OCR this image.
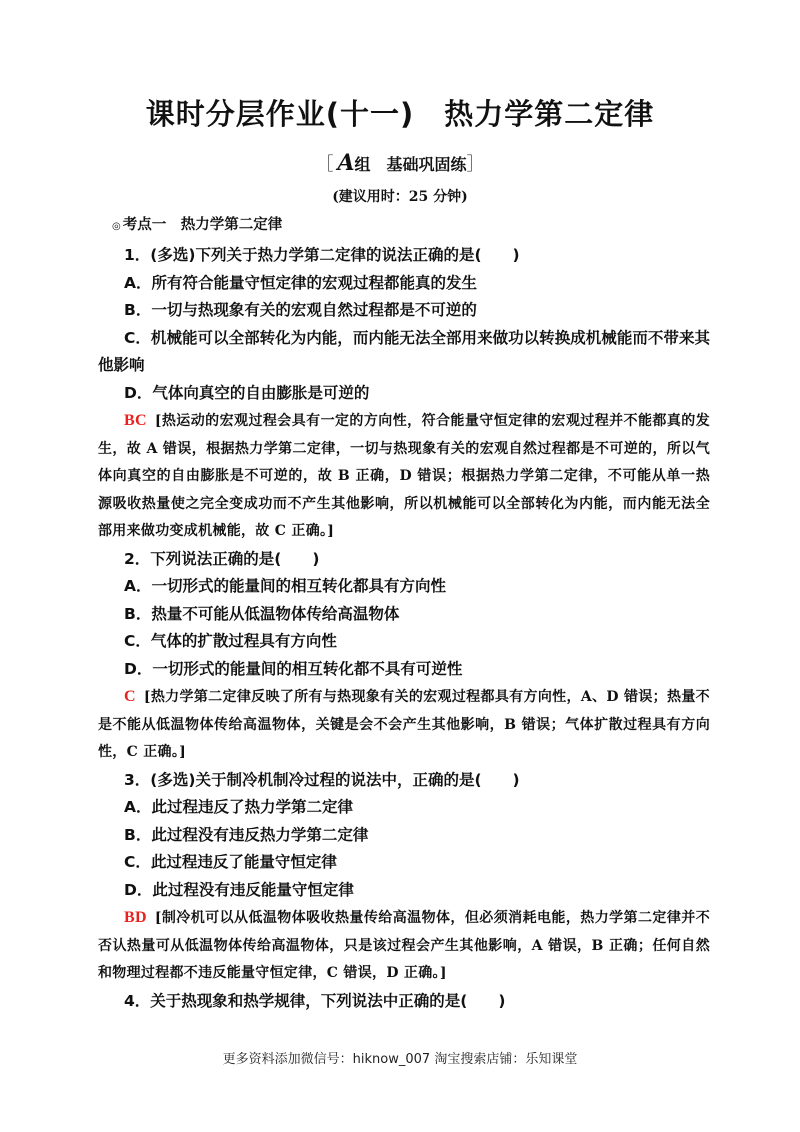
课时分层作业(十一)　热力学第二定律
［ A组　基础巩固练］
(建议用时：25 分钟)
◎ 考点一　热力学第二定律
1．(多选)下列关于热力学第二定律的说法正确的是(　　)
A．所有符合能量守恒定律的宏观过程都能真的发生
B．一切与热现象有关的宏观自然过程都是不可逆的
C．机械能可以全部转化为内能，而内能无法全部用来做功以转换成机械能而不带来其他影响
D．气体向真空的自由膨胀是可逆的
BC [热运动的宏观过程会具有一定的方向性，符合能量守恒定律的宏观过程并不能都真的发生，故 A 错误，根据热力学第二定律，一切与热现象有关的宏观自然过程都是不可逆的，所以气体向真空的自由膨胀是不可逆的，故 B 正确，D 错误；根据热力学第二定律，不可能从单一热源吸收热量使之完全变成功而不产生其他影响，所以机械能可以全部转化为内能，而内能无法全部用来做功变成机械能，故 C 正确。]
2．下列说法正确的是(　　)
A．一切形式的能量间的相互转化都具有方向性
B．热量不可能从低温物体传给高温物体
C．气体的扩散过程具有方向性
D．一切形式的能量间的相互转化都不具有可逆性
C [热力学第二定律反映了所有与热现象有关的宏观过程都具有方向性，A、D 错误；热量不是不能从低温物体传给高温物体，关键是会不会产生其他影响，B 错误；气体扩散过程具有方向性，C 正确。]
3．(多选)关于制冷机制冷过程的说法中，正确的是(　　)
A．此过程违反了热力学第二定律
B．此过程没有违反热力学第二定律
C．此过程违反了能量守恒定律
D．此过程没有违反能量守恒定律
BD [制冷机可以从低温物体吸收热量传给高温物体，但必须消耗电能，热力学第二定律并不否认热量可从低温物体传给高温物体，只是该过程会产生其他影响，A 错误，B 正确；任何自然和物理过程都不违反能量守恒定律，C 错误，D 正确。]
4．关于热现象和热学规律，下列说法中正确的是(　　)
更多资料添加微信号：hiknow_007 淘宝搜索店铺：乐知课堂
